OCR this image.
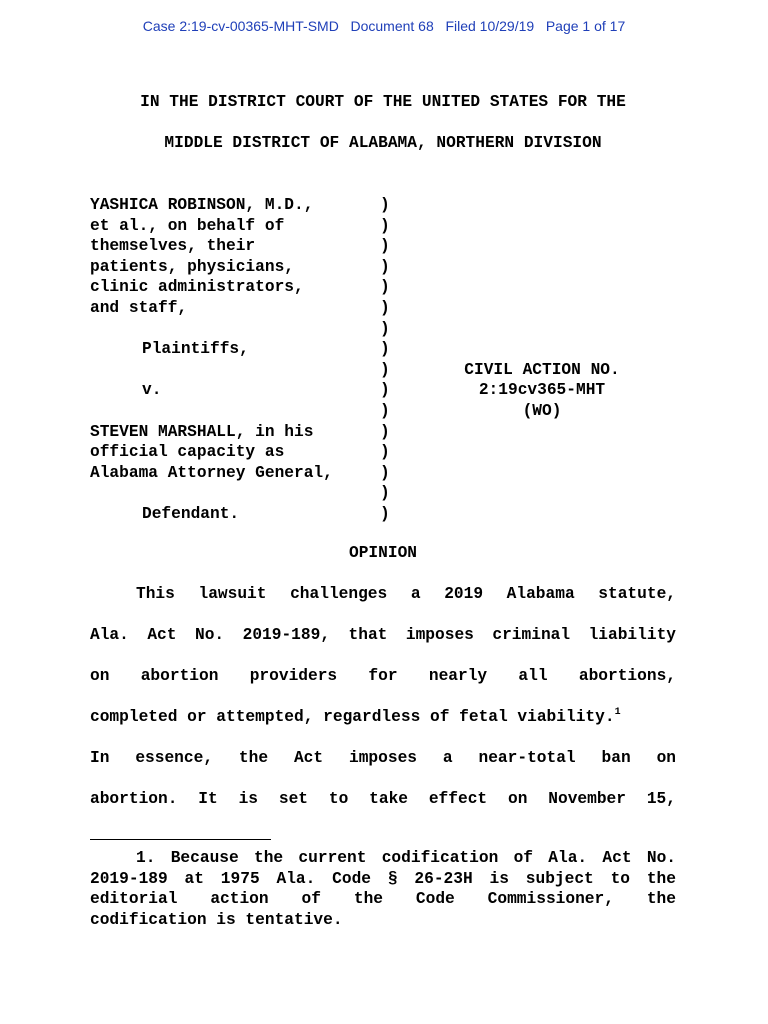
Case 2:19-cv-00365-MHT-SMD Document 68 Filed 10/29/19 Page 1 of 17
IN THE DISTRICT COURT OF THE UNITED STATES FOR THE
MIDDLE DISTRICT OF ALABAMA, NORTHERN DIVISION
YASHICA ROBINSON, M.D.,
et al., on behalf of
themselves, their
patients, physicians,
clinic administrators,
and staff,
Plaintiffs,
v.
STEVEN MARSHALL, in his
official capacity as
Alabama Attorney General,
Defendant.
)
)
)
)
)
)
)
)
)
)
)
)
)
)
)
)
CIVIL ACTION NO.
2:19cv365-MHT
(WO)
OPINION
This lawsuit challenges a 2019 Alabama statute,
Ala. Act No. 2019-189, that imposes criminal liability
on abortion providers for nearly all abortions,
completed or attempted, regardless of fetal viability.$^1$
In essence, the Act imposes a near-total ban on
abortion. It is set to take effect on November 15,
1. Because the current codification of Ala. Act No.
2019-189 at 1975 Ala. Code § 26-23H is subject to the
editorial action of the Code Commissioner, the
codification is tentative.
